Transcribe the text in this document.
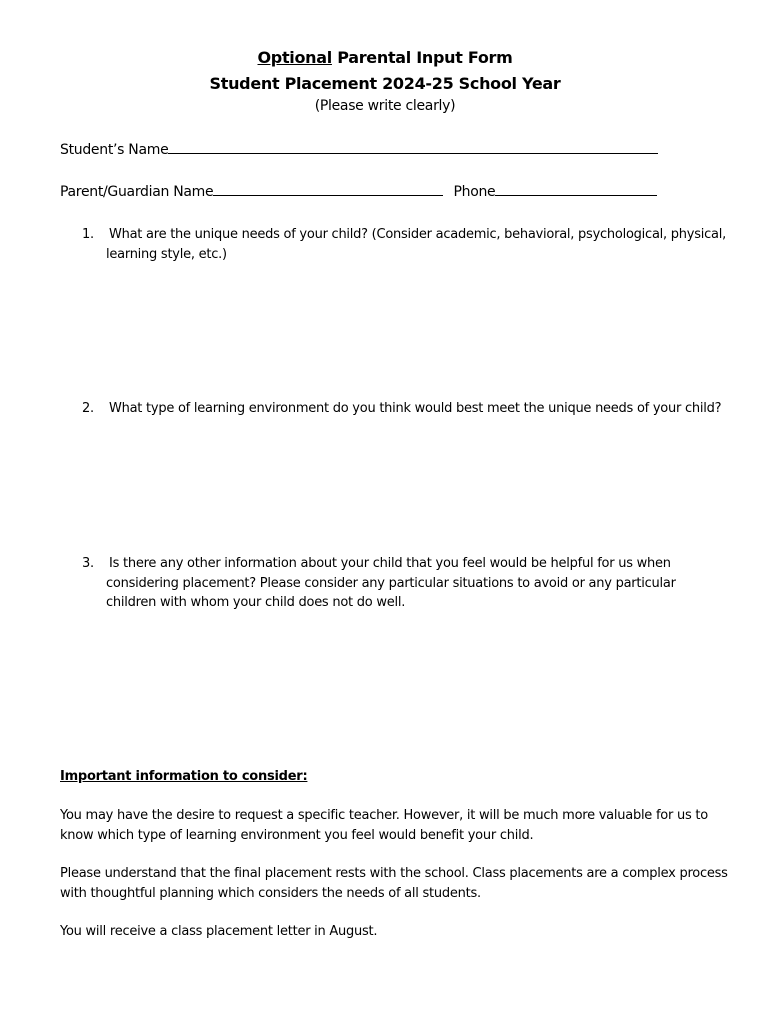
Optional Parental Input Form
Student Placement 2024-25 School Year
(Please write clearly)
Student’s Name
Parent/Guardian Name	Phone
1. What are the unique needs of your child? (Consider academic, behavioral, psychological, physical, learning style, etc.)
2. What type of learning environment do you think would best meet the unique needs of your child?
3. Is there any other information about your child that you feel would be helpful for us when considering placement? Please consider any particular situations to avoid or any particular children with whom your child does not do well.
Important information to consider:
You may have the desire to request a specific teacher. However, it will be much more valuable for us to know which type of learning environment you feel would benefit your child.
Please understand that the final placement rests with the school. Class placements are a complex process with thoughtful planning which considers the needs of all students.
You will receive a class placement letter in August.
